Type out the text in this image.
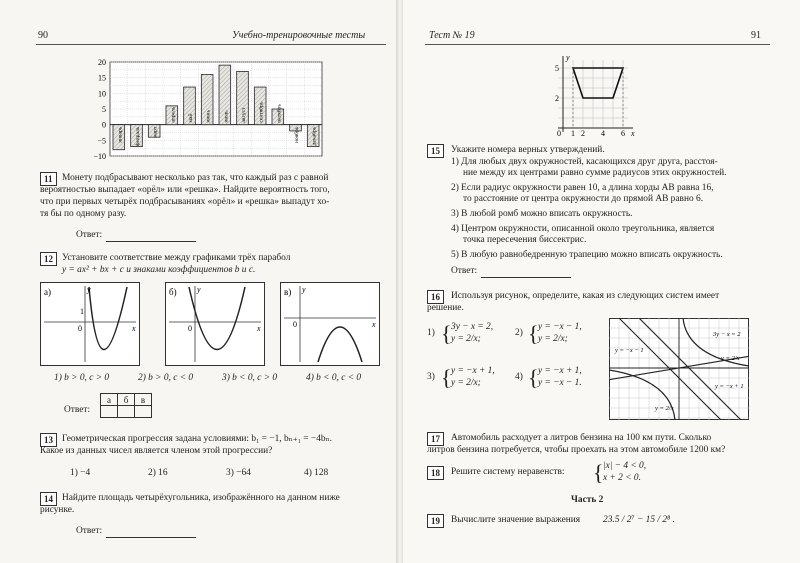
90	Учебно-тренировочные тесты
20
15
10
5
0
−5
−10
январь февраль март
апрель май июнь июль август сентябрь октябрь
ноябрь декабрь
11	Монету подбрасывают несколько раз так, что каждый раз с равной
вероятностью выпадает «орёл» или «решка». Найдите вероятность того,
что при первых четырёх подбрасываниях «орёл» и «решка» выпадут хо-
тя бы по одному разу.
Ответ:
12 Установите соответствие между графиками трёх парабол
y = ax² + bx + c и знаками коэффициентов b и c.
а)	y
x
0
1
б)	y
x
0
в) y
x
0
1) b > 0, c > 0	2) b > 0, c < 0	3) b < 0, c > 0	4) b < 0, c < 0
Ответ:
а	б	в

13 Геометрическая прогрессия задана условиями: b₁ = −1, bₙ₊₁ = −4bₙ.
Какое из данных чисел является членом этой прогрессии?
1) −4	2) 16	3) −64	4) 128
14 Найдите площадь четырёхугольника, изображённого на данном ниже
рисунке.
Ответ:
Тест № 19	91
y
x
5
2
0 1 2 4 6
15	Укажите номера верных утверждений.
1) Для любых двух окружностей, касающихся друг друга, расстоя-
ние между их центрами равно сумме радиусов этих окружностей.
2) Если радиус окружности равен 10, а длина хорды AB равна 16,
то расстояние от центра окружности до прямой AB равно 6.
3) В любой ромб можно вписать окружность.
4) Центром окружности, описанной около треугольника, является
точка пересечения биссектрис.
5) В любую равнобедренную трапецию можно вписать окружность.
Ответ:
16	Используя рисунок, определите, какая из следующих систем имеет
решение.
1) { 3y − x = 2,
y = 2/x;
2) { y = −x − 1,
y = 2/x;
3) { y = −x + 1,
y = 2/x;
4) { y = −x + 1,
y = −x − 1.
3y − x = 2
y = −x − 1
y = 2/x
y = −x + 1
y = 2/x
17	Автомобиль расходует a литров бензина на 100 км пути. Сколько
литров бензина потребуется, чтобы проехать на этом автомобиле 1200 км?
18	Решите систему неравенств: { |x| − 4 < 0,
x + 2 < 0.
Часть 2
19	Вычислите значение выражения 23.5 / 2⁷ − 15 / 2⁸ .
